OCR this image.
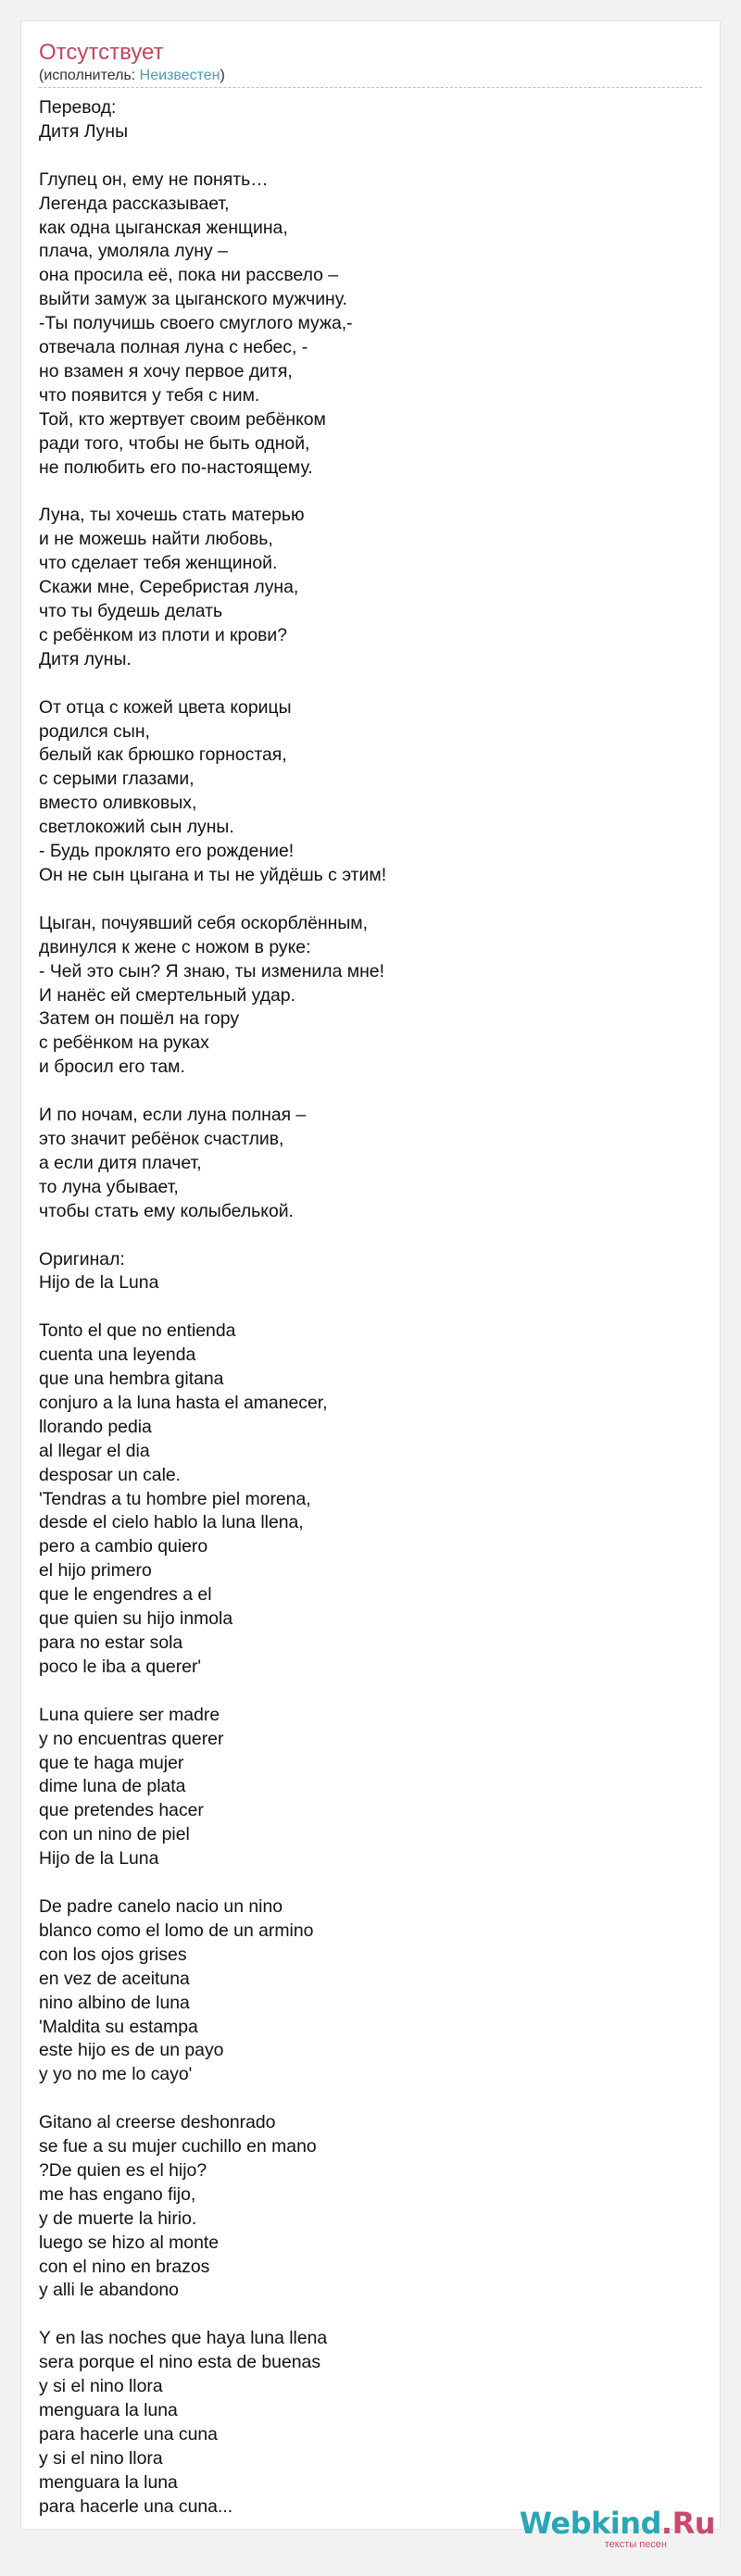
Отсутствует
(исполнитель: Неизвестен)
Перевод:
Дитя Луны

Глупец он, ему не понять…
Легенда рассказывает,
как одна цыганская женщина,
плача, умоляла луну –
она просила её, пока ни рассвело –
выйти замуж за цыганского мужчину.
-Ты получишь своего смуглого мужа,-
отвечала полная луна с небес, -
но взамен я хочу первое дитя,
что появится у тебя с ним.
Той, кто жертвует своим ребёнком
ради того, чтобы не быть одной,
не полюбить его по-настоящему.

Луна, ты хочешь стать матерью
и не можешь найти любовь,
что сделает тебя женщиной.
Скажи мне, Серебристая луна,
что ты будешь делать
с ребёнком из плоти и крови?
Дитя луны.

От отца с кожей цвета корицы
родился сын,
белый как брюшко горностая,
с серыми глазами,
вместо оливковых,
светлокожий сын луны.
- Будь проклято его рождение!
Он не сын цыгана и ты не уйдёшь с этим!

Цыган, почуявший себя оскорблённым,
двинулся к жене с ножом в руке:
- Чей это сын? Я знаю, ты изменила мне!
И нанёс ей смертельный удар.
Затем он пошёл на гору
с ребёнком на руках
и бросил его там.

И по ночам, если луна полная –
это значит ребёнок счастлив,
а если дитя плачет,
то луна убывает,
чтобы стать ему колыбелькой.

Оригинал:
Hijo de la Luna

Tonto el que no entienda
cuenta una leyenda
que una hembra gitana
conjuro a la luna hasta el amanecer,
llorando pedia
al llegar el dia
desposar un cale.
'Tendras a tu hombre piel morena,
desde el cielo hablo la luna llena,
pero a cambio quiero
el hijo primero
que le engendres a el
que quien su hijo inmola
para no estar sola
poco le iba a querer'

Luna quiere ser madre
y no encuentras querer
que te haga mujer
dime luna de plata
que pretendes hacer
con un nino de piel
Hijo de la Luna

De padre canelo nacio un nino
blanco como el lomo de un armino
con los ojos grises
en vez de aceituna
nino albino de luna
'Maldita su estampa
este hijo es de un payo
y yo no me lo cayo'

Gitano al creerse deshonrado
se fue a su mujer cuchillo en mano
?De quien es el hijo?
me has engano fijo,
y de muerte la hirio.
luego se hizo al monte
con el nino en brazos
y alli le abandono

Y en las noches que haya luna llena
sera porque el nino esta de buenas
y si el nino llora
menguara la luna
para hacerle una cuna
y si el nino llora
menguara la luna
para hacerle una cuna...	Webkind.Ru
тексты песен
